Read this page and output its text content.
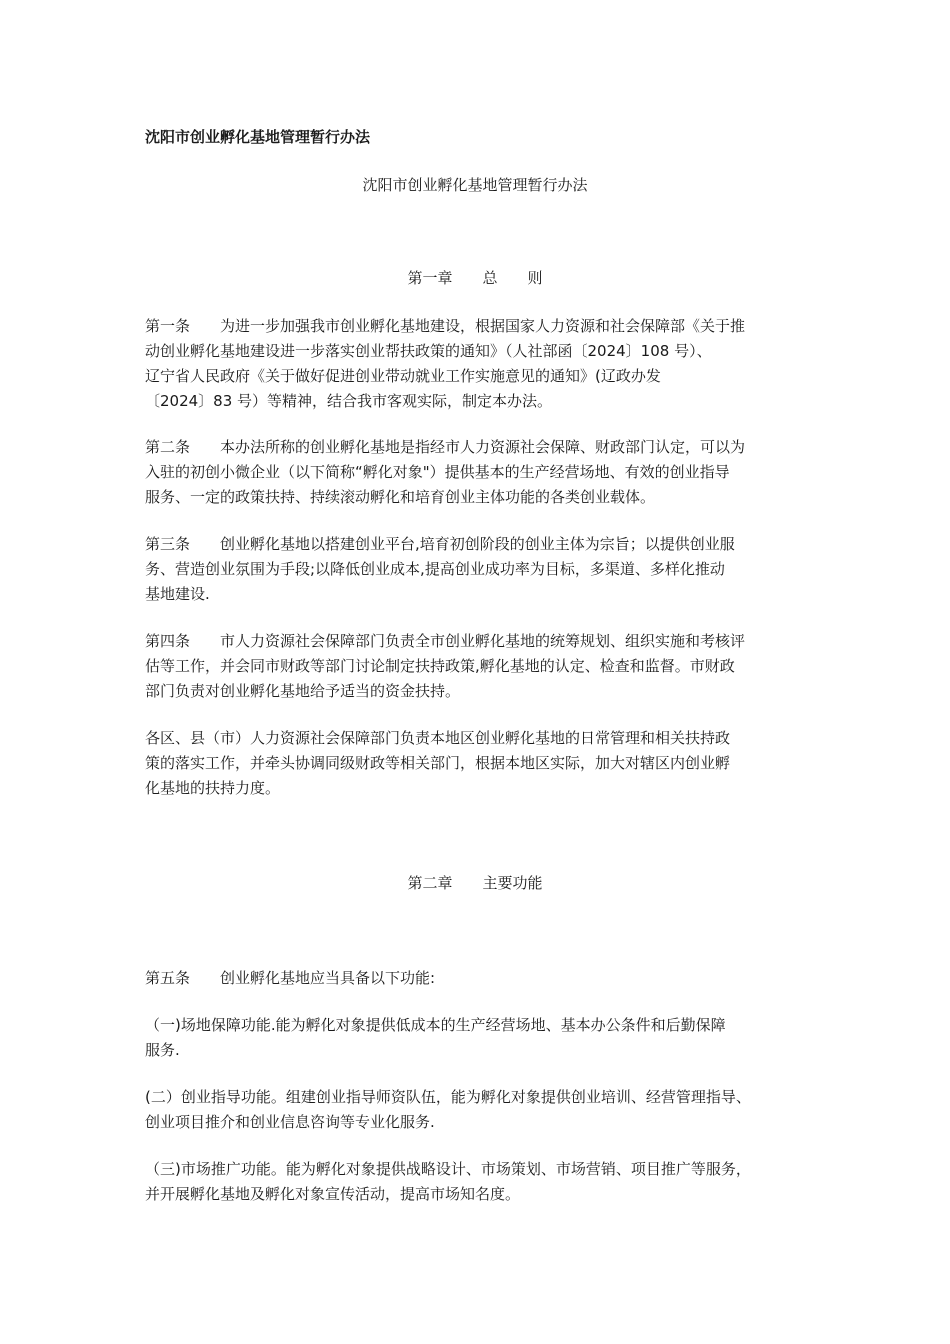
沈阳市创业孵化基地管理暂行办法
沈阳市创业孵化基地管理暂行办法
第一章　　总　　则
第一条　　为进一步加强我市创业孵化基地建设，根据国家人力资源和社会保障部《关于推
动创业孵化基地建设进一步落实创业帮扶政策的通知》（人社部函〔2024〕108 号）、
辽宁省人民政府《关于做好促进创业带动就业工作实施意见的通知》(辽政办发
〔2024〕83 号）等精神，结合我市客观实际，制定本办法。
第二条　　本办法所称的创业孵化基地是指经市人力资源社会保障、财政部门认定，可以为
入驻的初创小微企业（以下简称“孵化对象"）提供基本的生产经营场地、有效的创业指导
服务、一定的政策扶持、持续滚动孵化和培育创业主体功能的各类创业载体。
第三条　　创业孵化基地以搭建创业平台,培育初创阶段的创业主体为宗旨；以提供创业服
务、营造创业氛围为手段;以降低创业成本,提高创业成功率为目标，多渠道、多样化推动
基地建设.
第四条　　市人力资源社会保障部门负责全市创业孵化基地的统筹规划、组织实施和考核评
估等工作，并会同市财政等部门讨论制定扶持政策,孵化基地的认定、检查和监督。市财政
部门负责对创业孵化基地给予适当的资金扶持。
各区、县（市）人力资源社会保障部门负责本地区创业孵化基地的日常管理和相关扶持政
策的落实工作，并牵头协调同级财政等相关部门，根据本地区实际，加大对辖区内创业孵
化基地的扶持力度。
第二章　　主要功能
第五条　　创业孵化基地应当具备以下功能:
（一)场地保障功能.能为孵化对象提供低成本的生产经营场地、基本办公条件和后勤保障
服务.
(二）创业指导功能。组建创业指导师资队伍，能为孵化对象提供创业培训、经营管理指导、
创业项目推介和创业信息咨询等专业化服务.
（三)市场推广功能。能为孵化对象提供战略设计、市场策划、市场营销、项目推广等服务，
并开展孵化基地及孵化对象宣传活动，提高市场知名度。
